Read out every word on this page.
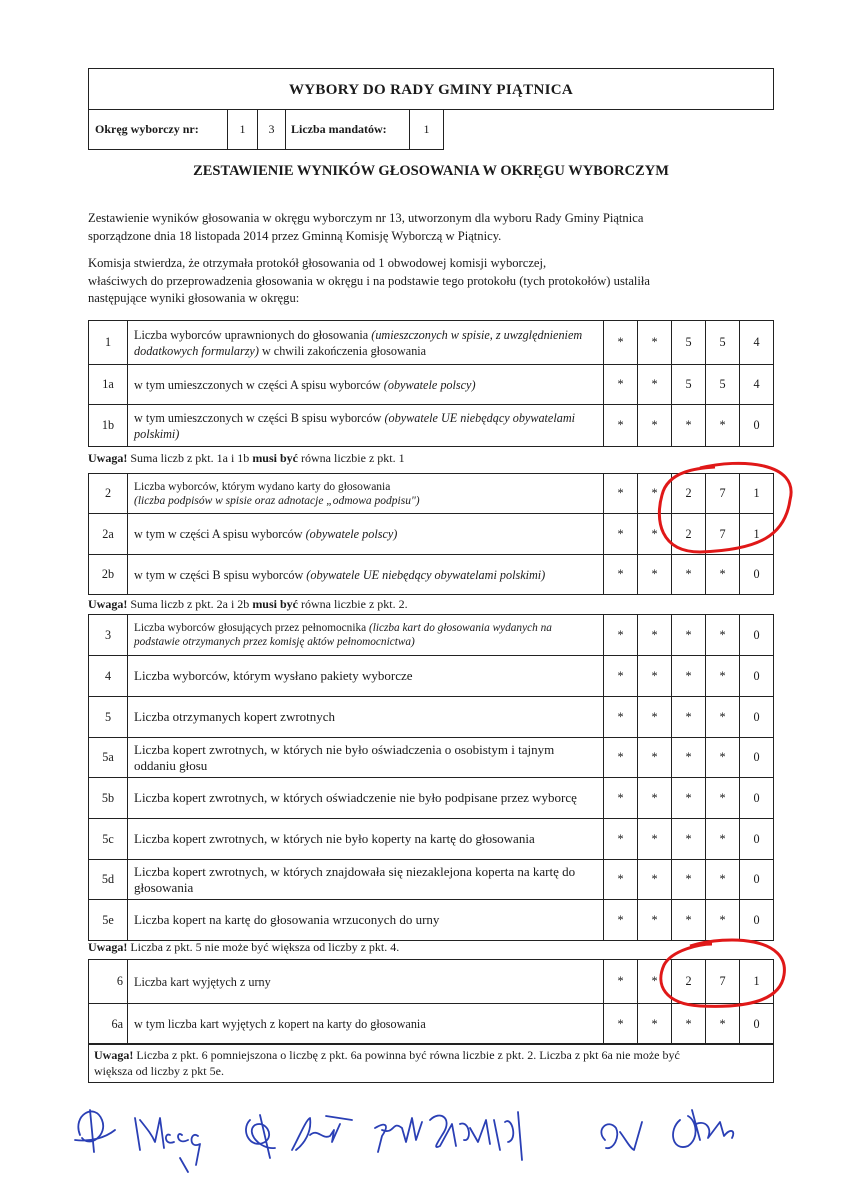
WYBORY DO RADY GMINY PIĄTNICA
Okręg wyborczy nr:	1	3	Liczba mandatów:	1
ZESTAWIENIE WYNIKÓW GŁOSOWANIA W OKRĘGU WYBORCZYM
Zestawienie wyników głosowania w okręgu wyborczym nr 13, utworzonym dla wyboru Rady Gminy Piątnica
sporządzone dnia 18 listopada 2014 przez Gminną Komisję Wyborczą w Piątnicy.
Komisja stwierdza, że otrzymała protokół głosowania od 1 obwodowej komisji wyborczej,
właściwych do przeprowadzenia głosowania w okręgu i na podstawie tego protokołu (tych protokołów) ustaliła
następujące wyniki głosowania w okręgu:
1	Liczba wyborców uprawnionych do głosowania (umieszczonych w spisie, z uwzględnieniem dodatkowych formularzy) w chwili zakończenia głosowania	*	*	5	5	4
1a	w tym umieszczonych w części A spisu wyborców (obywatele polscy)	*	*	5	5	4
1b	w tym umieszczonych w części B spisu wyborców (obywatele UE niebędący obywatelami polskimi)	*	*	*	*	0
Uwaga! Suma liczb z pkt. 1a i 1b musi być równa liczbie z pkt. 1
2	Liczba wyborców, którym wydano karty do głosowania
(liczba podpisów w spisie oraz adnotacje „odmowa podpisu")	*	*	2	7	1
2a	w tym w części A spisu wyborców (obywatele polscy)	*	*	2	7	1
2b	w tym w części B spisu wyborców (obywatele UE niebędący obywatelami polskimi)	*	*	*	*	0
Uwaga! Suma liczb z pkt. 2a i 2b musi być równa liczbie z pkt. 2.
3	Liczba wyborców głosujących przez pełnomocnika (liczba kart do głosowania wydanych na podstawie otrzymanych przez komisję aktów pełnomocnictwa)	*	*	*	*	0
4	Liczba wyborców, którym wysłano pakiety wyborcze	*	*	*	*	0
5	Liczba otrzymanych kopert zwrotnych	*	*	*	*	0
5a	Liczba kopert zwrotnych, w których nie było oświadczenia o osobistym i tajnym oddaniu głosu	*	*	*	*	0
5b	Liczba kopert zwrotnych, w których oświadczenie nie było podpisane przez wyborcę	*	*	*	*	0
5c	Liczba kopert zwrotnych, w których nie było koperty na kartę do głosowania	*	*	*	*	0
5d	Liczba kopert zwrotnych, w których znajdowała się niezaklejona koperta na kartę do głosowania	*	*	*	*	0
5e	Liczba kopert na kartę do głosowania wrzuconych do urny	*	*	*	*	0
Uwaga! Liczba z pkt. 5 nie może być większa od liczby z pkt. 4.
6	Liczba kart wyjętych z urny	*	*	2	7	1
6a	w tym liczba kart wyjętych z kopert na karty do głosowania	*	*	*	*	0
Uwaga! Liczba z pkt. 6 pomniejszona o liczbę z pkt. 6a powinna być równa liczbie z pkt. 2. Liczba z pkt 6a nie może być
większa od liczby z pkt 5e.
